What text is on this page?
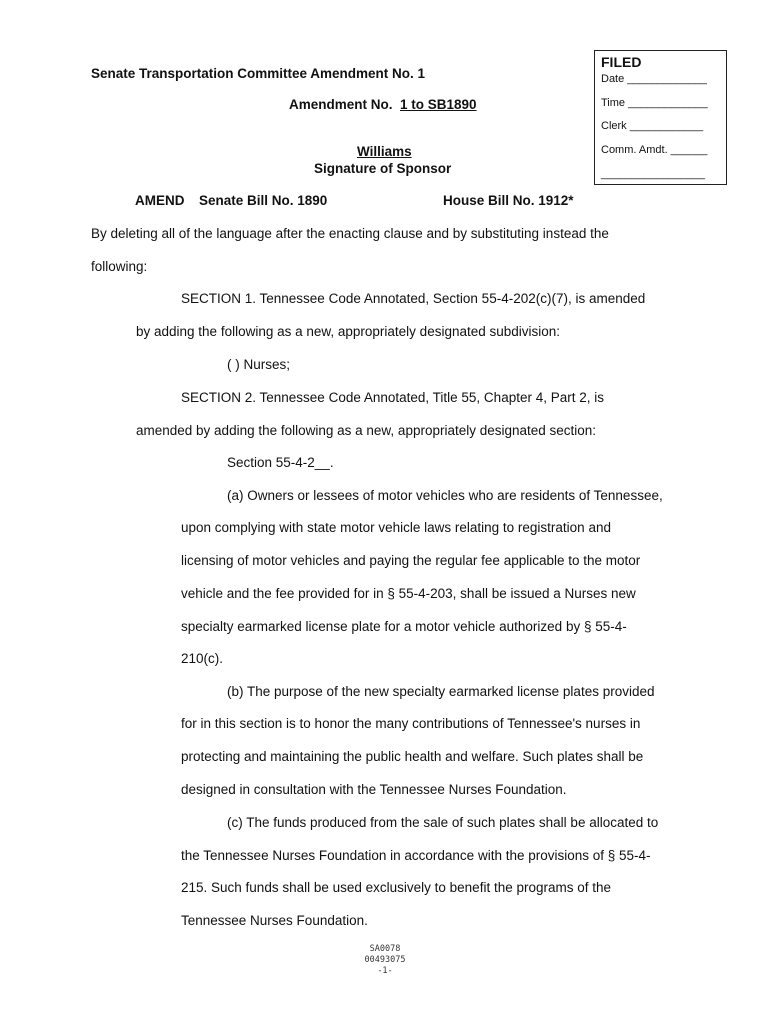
FILED
Date _____________
Time _____________
Clerk ____________
Comm. Amdt. ______
_________________

Senate Transportation Committee Amendment No. 1

Amendment No. 1 to SB1890

Williams

Signature of Sponsor

AMEND Senate Bill No. 1890	House Bill No. 1912*

By deleting all of the language after the enacting clause and by substituting instead the

following:

SECTION 1. Tennessee Code Annotated, Section 55-4-202(c)(7), is amended

by adding the following as a new, appropriately designated subdivision:

( ) Nurses;

SECTION 2. Tennessee Code Annotated, Title 55, Chapter 4, Part 2, is

amended by adding the following as a new, appropriately designated section:

Section 55-4-2__.

(a) Owners or lessees of motor vehicles who are residents of Tennessee,

upon complying with state motor vehicle laws relating to registration and

licensing of motor vehicles and paying the regular fee applicable to the motor

vehicle and the fee provided for in § 55-4-203, shall be issued a Nurses new

specialty earmarked license plate for a motor vehicle authorized by § 55-4-

210(c).

(b) The purpose of the new specialty earmarked license plates provided

for in this section is to honor the many contributions of Tennessee's nurses in

protecting and maintaining the public health and welfare. Such plates shall be

designed in consultation with the Tennessee Nurses Foundation.

(c) The funds produced from the sale of such plates shall be allocated to

the Tennessee Nurses Foundation in accordance with the provisions of § 55-4-

215. Such funds shall be used exclusively to benefit the programs of the

Tennessee Nurses Foundation.

SA0078
00493075
-1-
